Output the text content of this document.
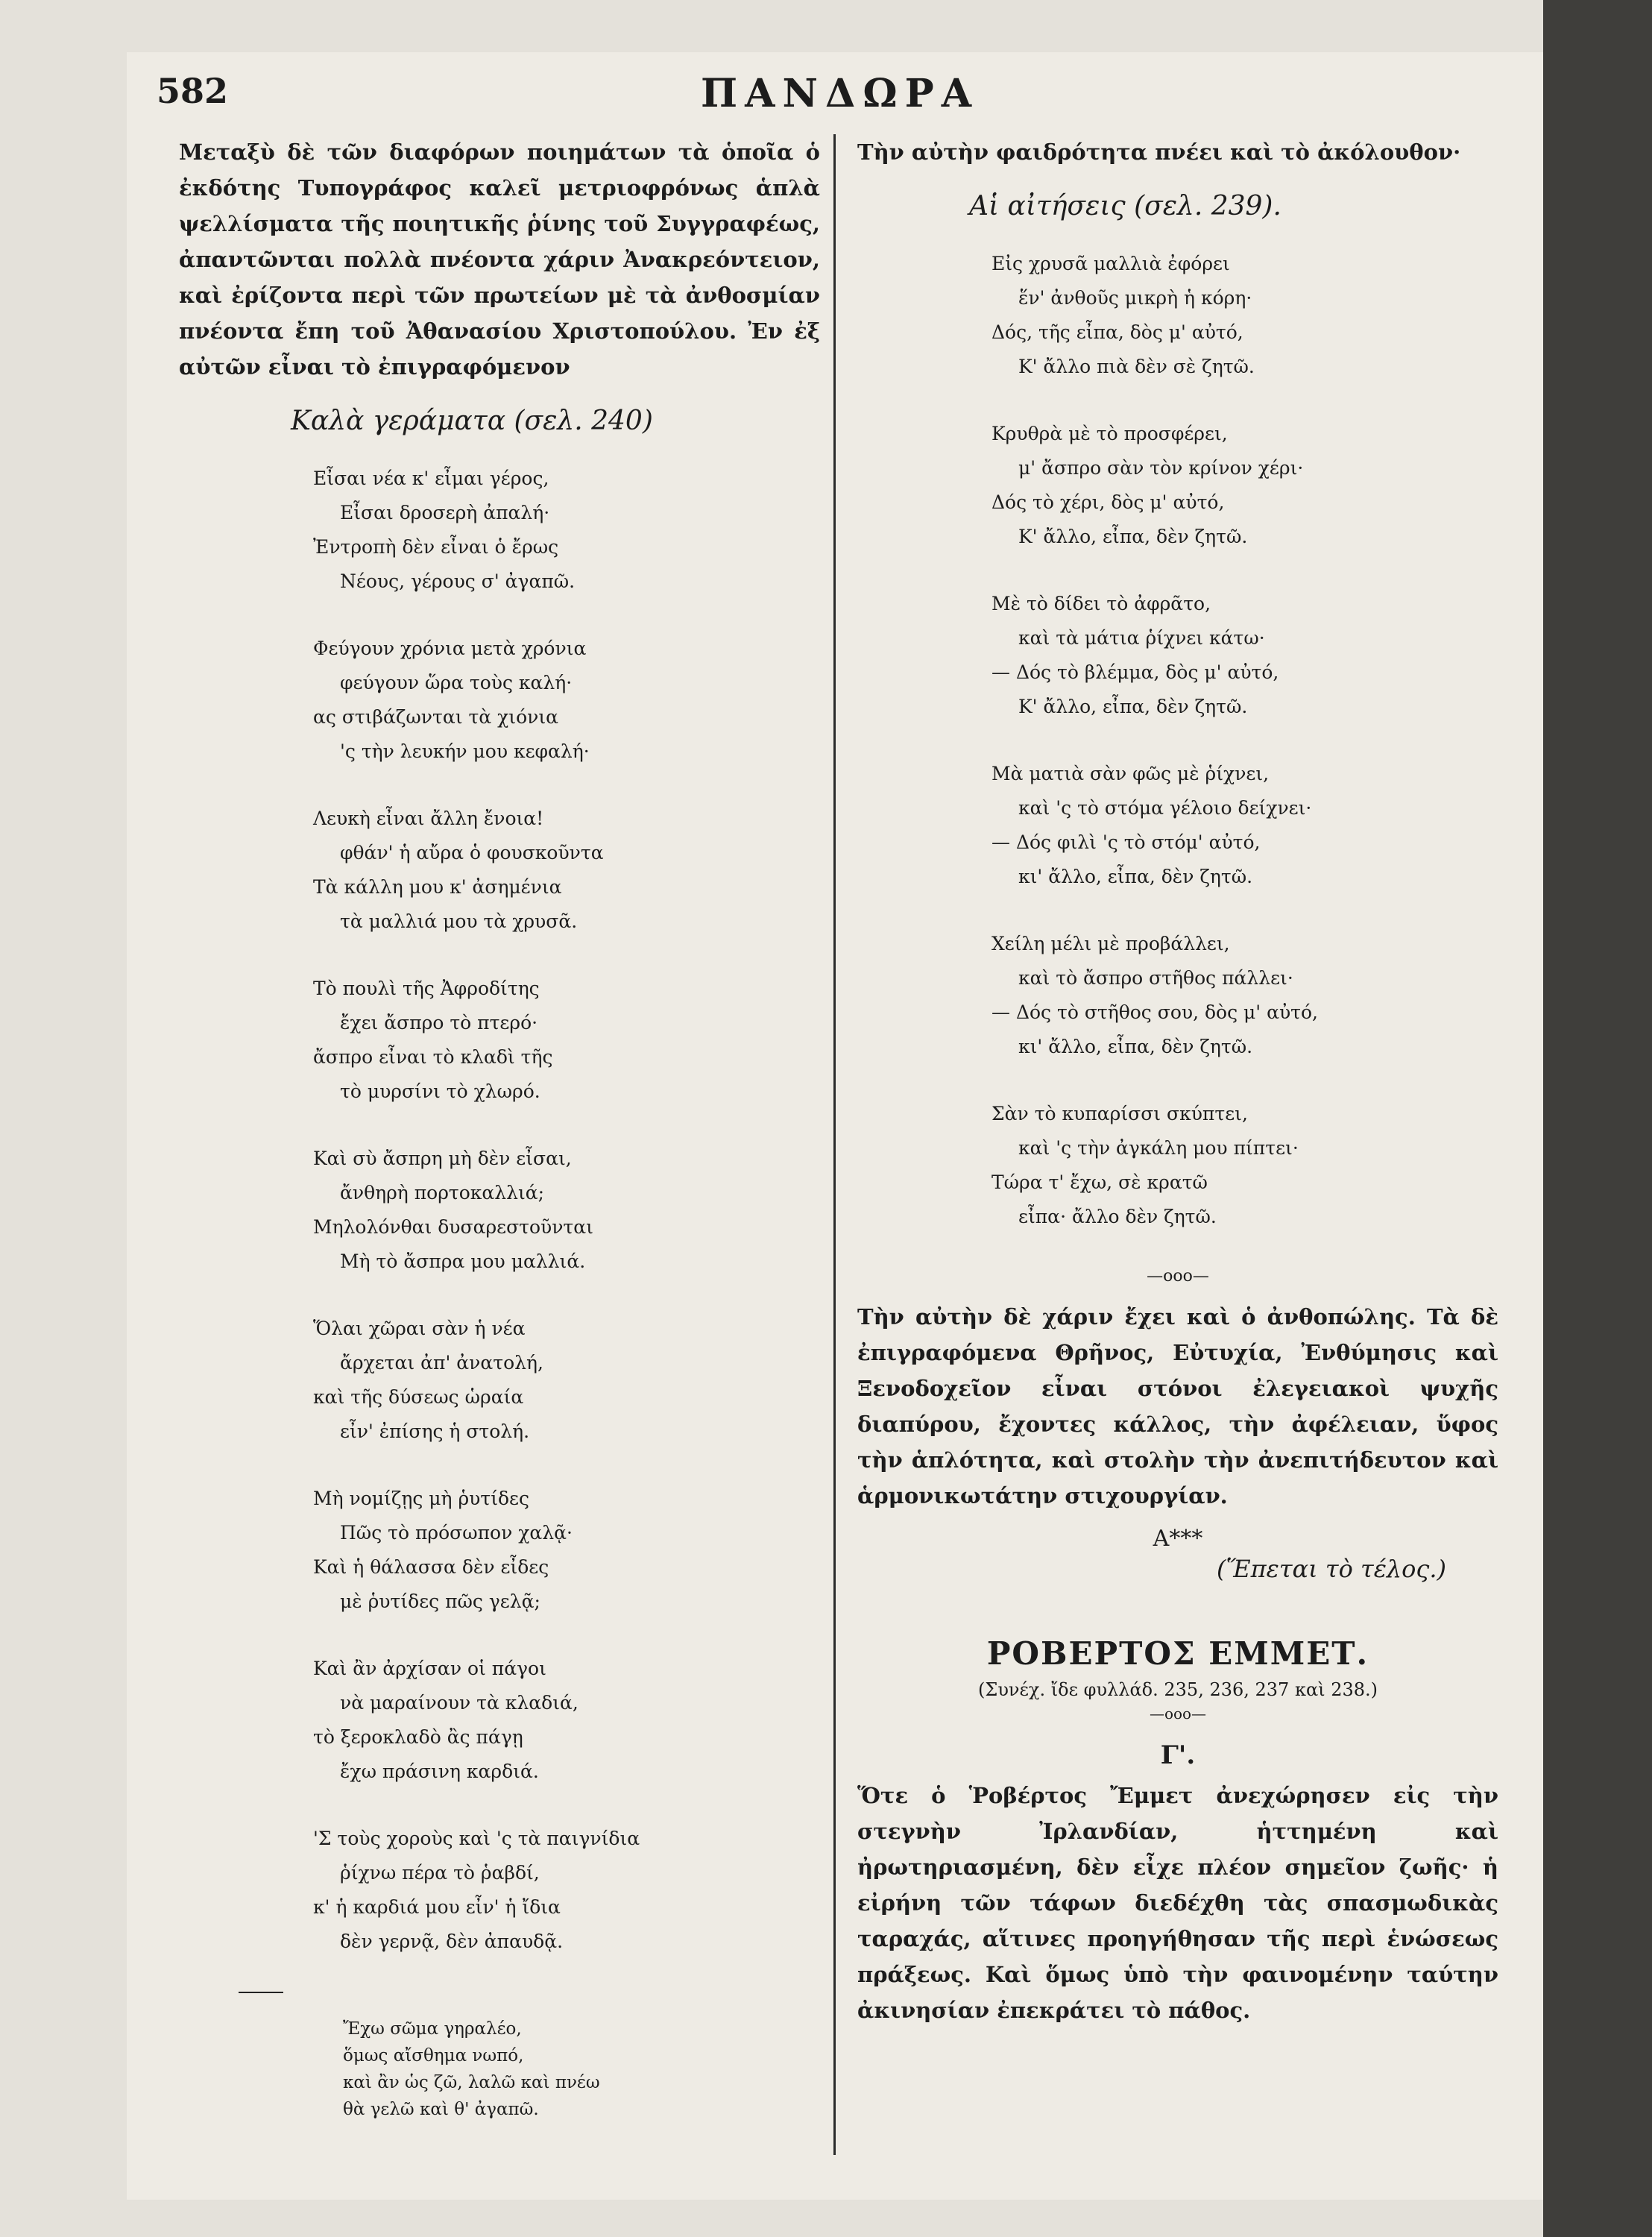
582	ΠΑΝΔΩΡΑ

Μεταξὺ δὲ τῶν διαφόρων ποιημάτων τὰ ὁποῖα ὁ ἐκδότης Τυπογράφος καλεῖ μετριοφρόνως ἁπλὰ ψελλίσματα τῆς ποιητικῆς ῥίνης τοῦ Συγγραφέως, ἀπαντῶνται πολλὰ πνέοντα χάριν Ἀνακρεόντειον, καὶ ἐρίζοντα περὶ τῶν πρωτείων μὲ τὰ ἀνθοσμίαν πνέοντα ἔπη τοῦ Ἀθανασίου Χριστοπούλου. Ἐν ἐξ αὐτῶν εἶναι τὸ ἐπιγραφόμενον

Καλὰ γεράματα (σελ. 240)
Εἶσαι νέα κ' εἶμαι γέρος,
Εἶσαι δροσερὴ ἀπαλή·
Ἐντροπὴ δὲν εἶναι ὁ ἔρως
Νέους, γέρους σ' ἀγαπῶ.
Φεύγουν χρόνια μετὰ χρόνια
φεύγουν ὥρα τοὺς καλή·
ας στιβάζωνται τὰ χιόνια
'ς τὴν λευκήν μου κεφαλή·
Λευκὴ εἶναι ἄλλη ἔνοια!
φθάν' ἡ αὔρα ὁ φουσκοῦντα
Τὰ κάλλη μου κ' ἀσημένια
τὰ μαλλιά μου τὰ χρυσᾶ.
Τὸ πουλὶ τῆς Ἀφροδίτης
ἔχει ἄσπρο τὸ πτερό·
ἄσπρο εἶναι τὸ κλαδὶ τῆς
τὸ μυρσίνι τὸ χλωρό.
Καὶ σὺ ἄσπρη μὴ δὲν εἶσαι,
ἄνθηρὴ πορτοκαλλιά;
Μηλολόνθαι δυσαρεστοῦνται
Μὴ τὸ ἄσπρα μου μαλλιά.
Ὅλαι χῶραι σὰν ἡ νέα
ἄρχεται ἀπ' ἀνατολή,
καὶ τῆς δύσεως ὡραία
εἶν' ἐπίσης ἡ στολή.
Μὴ νομίζῃς μὴ ῥυτίδες
Πῶς τὸ πρόσωπον χαλᾷ·
Καὶ ἡ θάλασσα δὲν εἶδες
μὲ ῥυτίδες πῶς γελᾷ;
Καὶ ἂν ἀρχίσαν οἱ πάγοι
νὰ μαραίνουν τὰ κλαδιά,
τὸ ξεροκλαδὸ ἂς πάγῃ
ἔχω πράσινη καρδιά.
'Σ τοὺς χοροὺς καὶ 'ς τὰ παιγνίδια
ῥίχνω πέρα τὸ ῥαβδί,
κ' ἡ καρδιά μου εἶν' ἡ ἴδια
δὲν γερνᾷ, δὲν ἀπαυδᾷ.
Ἔχω σῶμα γηραλέο,
ὅμως αἴσθημα νωπό,
καὶ ἂν ὡς ζῶ, λαλῶ καὶ πνέω
θὰ γελῶ καὶ θ' ἀγαπῶ.

Τὴν αὐτὴν φαιδρότητα πνέει καὶ τὸ ἀκόλουθον·

Αἱ αἰτήσεις (σελ. 239).
Εἰς χρυσᾶ μαλλιὰ ἐφόρει
ἕν' ἀνθοῦς μικρὴ ἡ κόρη·
Δός, τῆς εἶπα, δὸς μ' αὐτό,
Κ' ἄλλο πιὰ δὲν σὲ ζητῶ.
Κρυθρὰ μὲ τὸ προσφέρει,
μ' ἄσπρο σὰν τὸν κρίνον χέρι·
Δός τὸ χέρι, δὸς μ' αὐτό,
Κ' ἄλλο, εἶπα, δὲν ζητῶ.
Μὲ τὸ δίδει τὸ ἀφρᾶτο,
καὶ τὰ μάτια ῥίχνει κάτω·
— Δός τὸ βλέμμα, δὸς μ' αὐτό,
Κ' ἄλλο, εἶπα, δὲν ζητῶ.
Μὰ ματιὰ σὰν φῶς μὲ ῥίχνει,
καὶ 'ς τὸ στόμα γέλοιο δείχνει·
— Δός φιλὶ 'ς τὸ στόμ' αὐτό,
κι' ἄλλο, εἶπα, δὲν ζητῶ.
Χείλη μέλι μὲ προβάλλει,
καὶ τὸ ἄσπρο στῆθος πάλλει·
— Δός τὸ στῆθος σου, δὸς μ' αὐτό,
κι' ἄλλο, εἶπα, δὲν ζητῶ.
Σὰν τὸ κυπαρίσσι σκύπτει,
καὶ 'ς τὴν ἀγκάλη μου πίπτει·
Τώρα τ' ἔχω, σὲ κρατῶ
εἶπα· ἄλλο δὲν ζητῶ.
—ooo—

Τὴν αὐτὴν δὲ χάριν ἔχει καὶ ὁ ἀνθοπώλης. Τὰ δὲ ἐπιγραφόμενα Θρῆνος, Εὐτυχία, Ἐνθύμησις καὶ Ξενοδοχεῖον εἶναι στόνοι ἐλεγειακοὶ ψυχῆς διαπύρου, ἔχοντες κάλλος, τὴν ἀφέλειαν, ὕφος τὴν ἁπλότητα, καὶ στολὴν τὴν ἀνεπιτήδευτον καὶ ἁρμονικωτάτην στιχουργίαν.

Α***
(Ἕπεται τὸ τέλος.)
ΡΟΒΕΡΤΟΣ ΕΜΜΕΤ.
(Συνέχ. ἴδε φυλλάδ. 235, 236, 237 καὶ 238.)
—ooo—
Γ'.

Ὅτε ὁ Ῥοβέρτος Ἔμμετ ἀνεχώρησεν εἰς τὴν στεγνὴν Ἰρλανδίαν, ἡττημένη καὶ ἠρωτηριασμένη, δὲν εἶχε πλέον σημεῖον ζωῆς· ἡ εἰρήνη τῶν τάφων διεδέχθη τὰς σπασμωδικὰς ταραχάς, αἵτινες προηγήθησαν τῆς περὶ ἑνώσεως πράξεως. Καὶ ὅμως ὑπὸ τὴν φαινομένην ταύτην ἀκινησίαν ἐπεκράτει τὸ πάθος.
